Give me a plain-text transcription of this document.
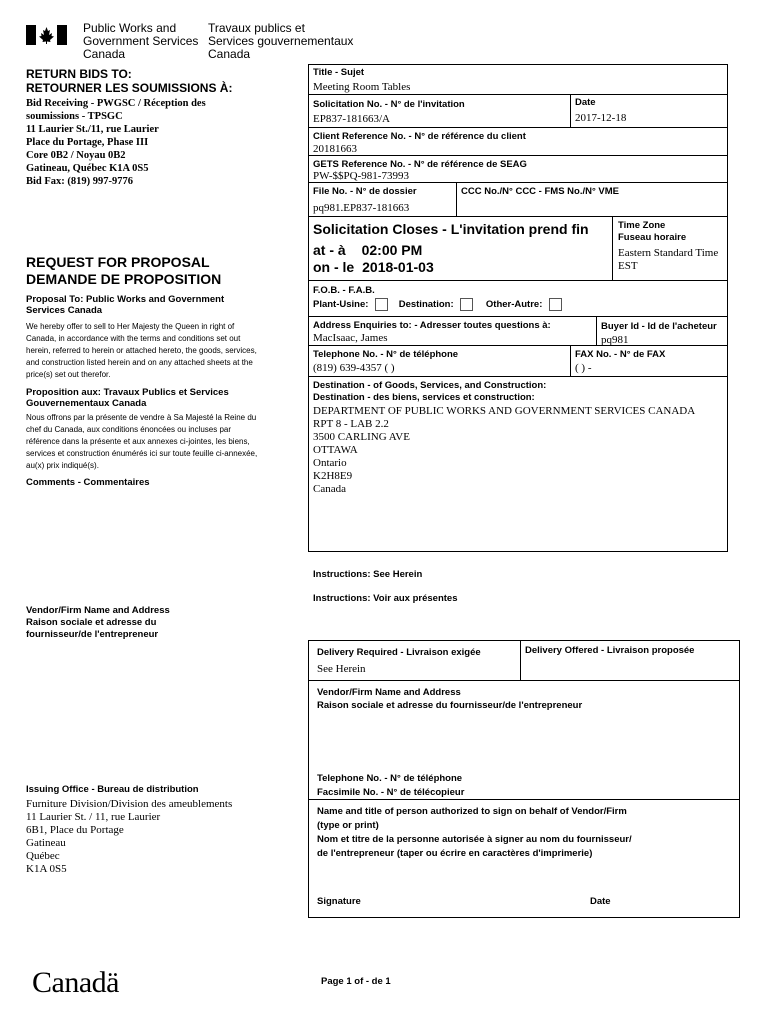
Public Works and
Government Services
Canada
Travaux publics et
Services gouvernementaux
Canada
RETURN BIDS TO:
RETOURNER LES SOUMISSIONS À:
Bid Receiving - PWGSC / Réception des
soumissions - TPSGC
11 Laurier St./11, rue Laurier
Place du Portage, Phase III
Core 0B2 / Noyau 0B2
Gatineau, Québec K1A 0S5
Bid Fax: (819) 997-9776
REQUEST FOR PROPOSAL
DEMANDE DE PROPOSITION
Proposal To: Public Works and Government Services Canada
We hereby offer to sell to Her Majesty the Queen in right of Canada, in accordance with the terms and conditions set out herein, referred to herein or attached hereto, the goods, services, and construction listed herein and on any attached sheets at the price(s) set out therefor.
Proposition aux: Travaux Publics et Services Gouvernementaux Canada
Nous offrons par la présente de vendre à Sa Majesté la Reine du chef du Canada, aux conditions énoncées ou incluses par référence dans la présente et aux annexes ci-jointes, les biens, services et construction énumérés ici sur toute feuille ci-annexée, au(x) prix indiqué(s).
Comments - Commentaires
Vendor/Firm Name and Address
Raison sociale et adresse du
fournisseur/de l'entrepreneur
Issuing Office - Bureau de distribution
Furniture Division/Division des ameublements
11 Laurier St. / 11, rue Laurier
6B1, Place du Portage
Gatineau
Québec
K1A 0S5
Title - Sujet
Meeting Room Tables
Solicitation No. - N° de l'invitation
EP837-181663/A
Date
2017-12-18
Client Reference No. - N° de référence du client
20181663
GETS Reference No. - N° de référence de SEAG
PW-$$PQ-981-73993
File No. - N° de dossier
pq981.EP837-181663
CCC No./N° CCC - FMS No./N° VME
Solicitation Closes - L'invitation prend fin
at - à 02:00 PM
on - le 2018-01-03
Time Zone
Fuseau horaire
Eastern Standard Time
EST
F.O.B. - F.A.B.
Plant-Usine:	Destination:	Other-Autre:
Address Enquiries to: - Adresser toutes questions à:
MacIsaac, James
Buyer Id - Id de l'acheteur
pq981
Telephone No. - N° de téléphone
(819) 639-4357 ( )
FAX No. - N° de FAX
( ) -
Destination - of Goods, Services, and Construction:
Destination - des biens, services et construction:
DEPARTMENT OF PUBLIC WORKS AND GOVERNMENT SERVICES CANADA
RPT 8 - LAB 2.2
3500 CARLING AVE
OTTAWA
Ontario
K2H8E9
Canada
Instructions: See Herein
Instructions: Voir aux présentes
Delivery Required - Livraison exigée
See Herein
Delivery Offered - Livraison proposée
Vendor/Firm Name and Address
Raison sociale et adresse du fournisseur/de l'entrepreneur
Telephone No. - N° de téléphone
Facsimile No. - N° de télécopieur
Name and title of person authorized to sign on behalf of Vendor/Firm
(type or print)
Nom et titre de la personne autorisée à signer au nom du fournisseur/
de l'entrepreneur (taper ou écrire en caractères d'imprimerie)
Signature	Date
Canadä	Page 1 of - de 1
